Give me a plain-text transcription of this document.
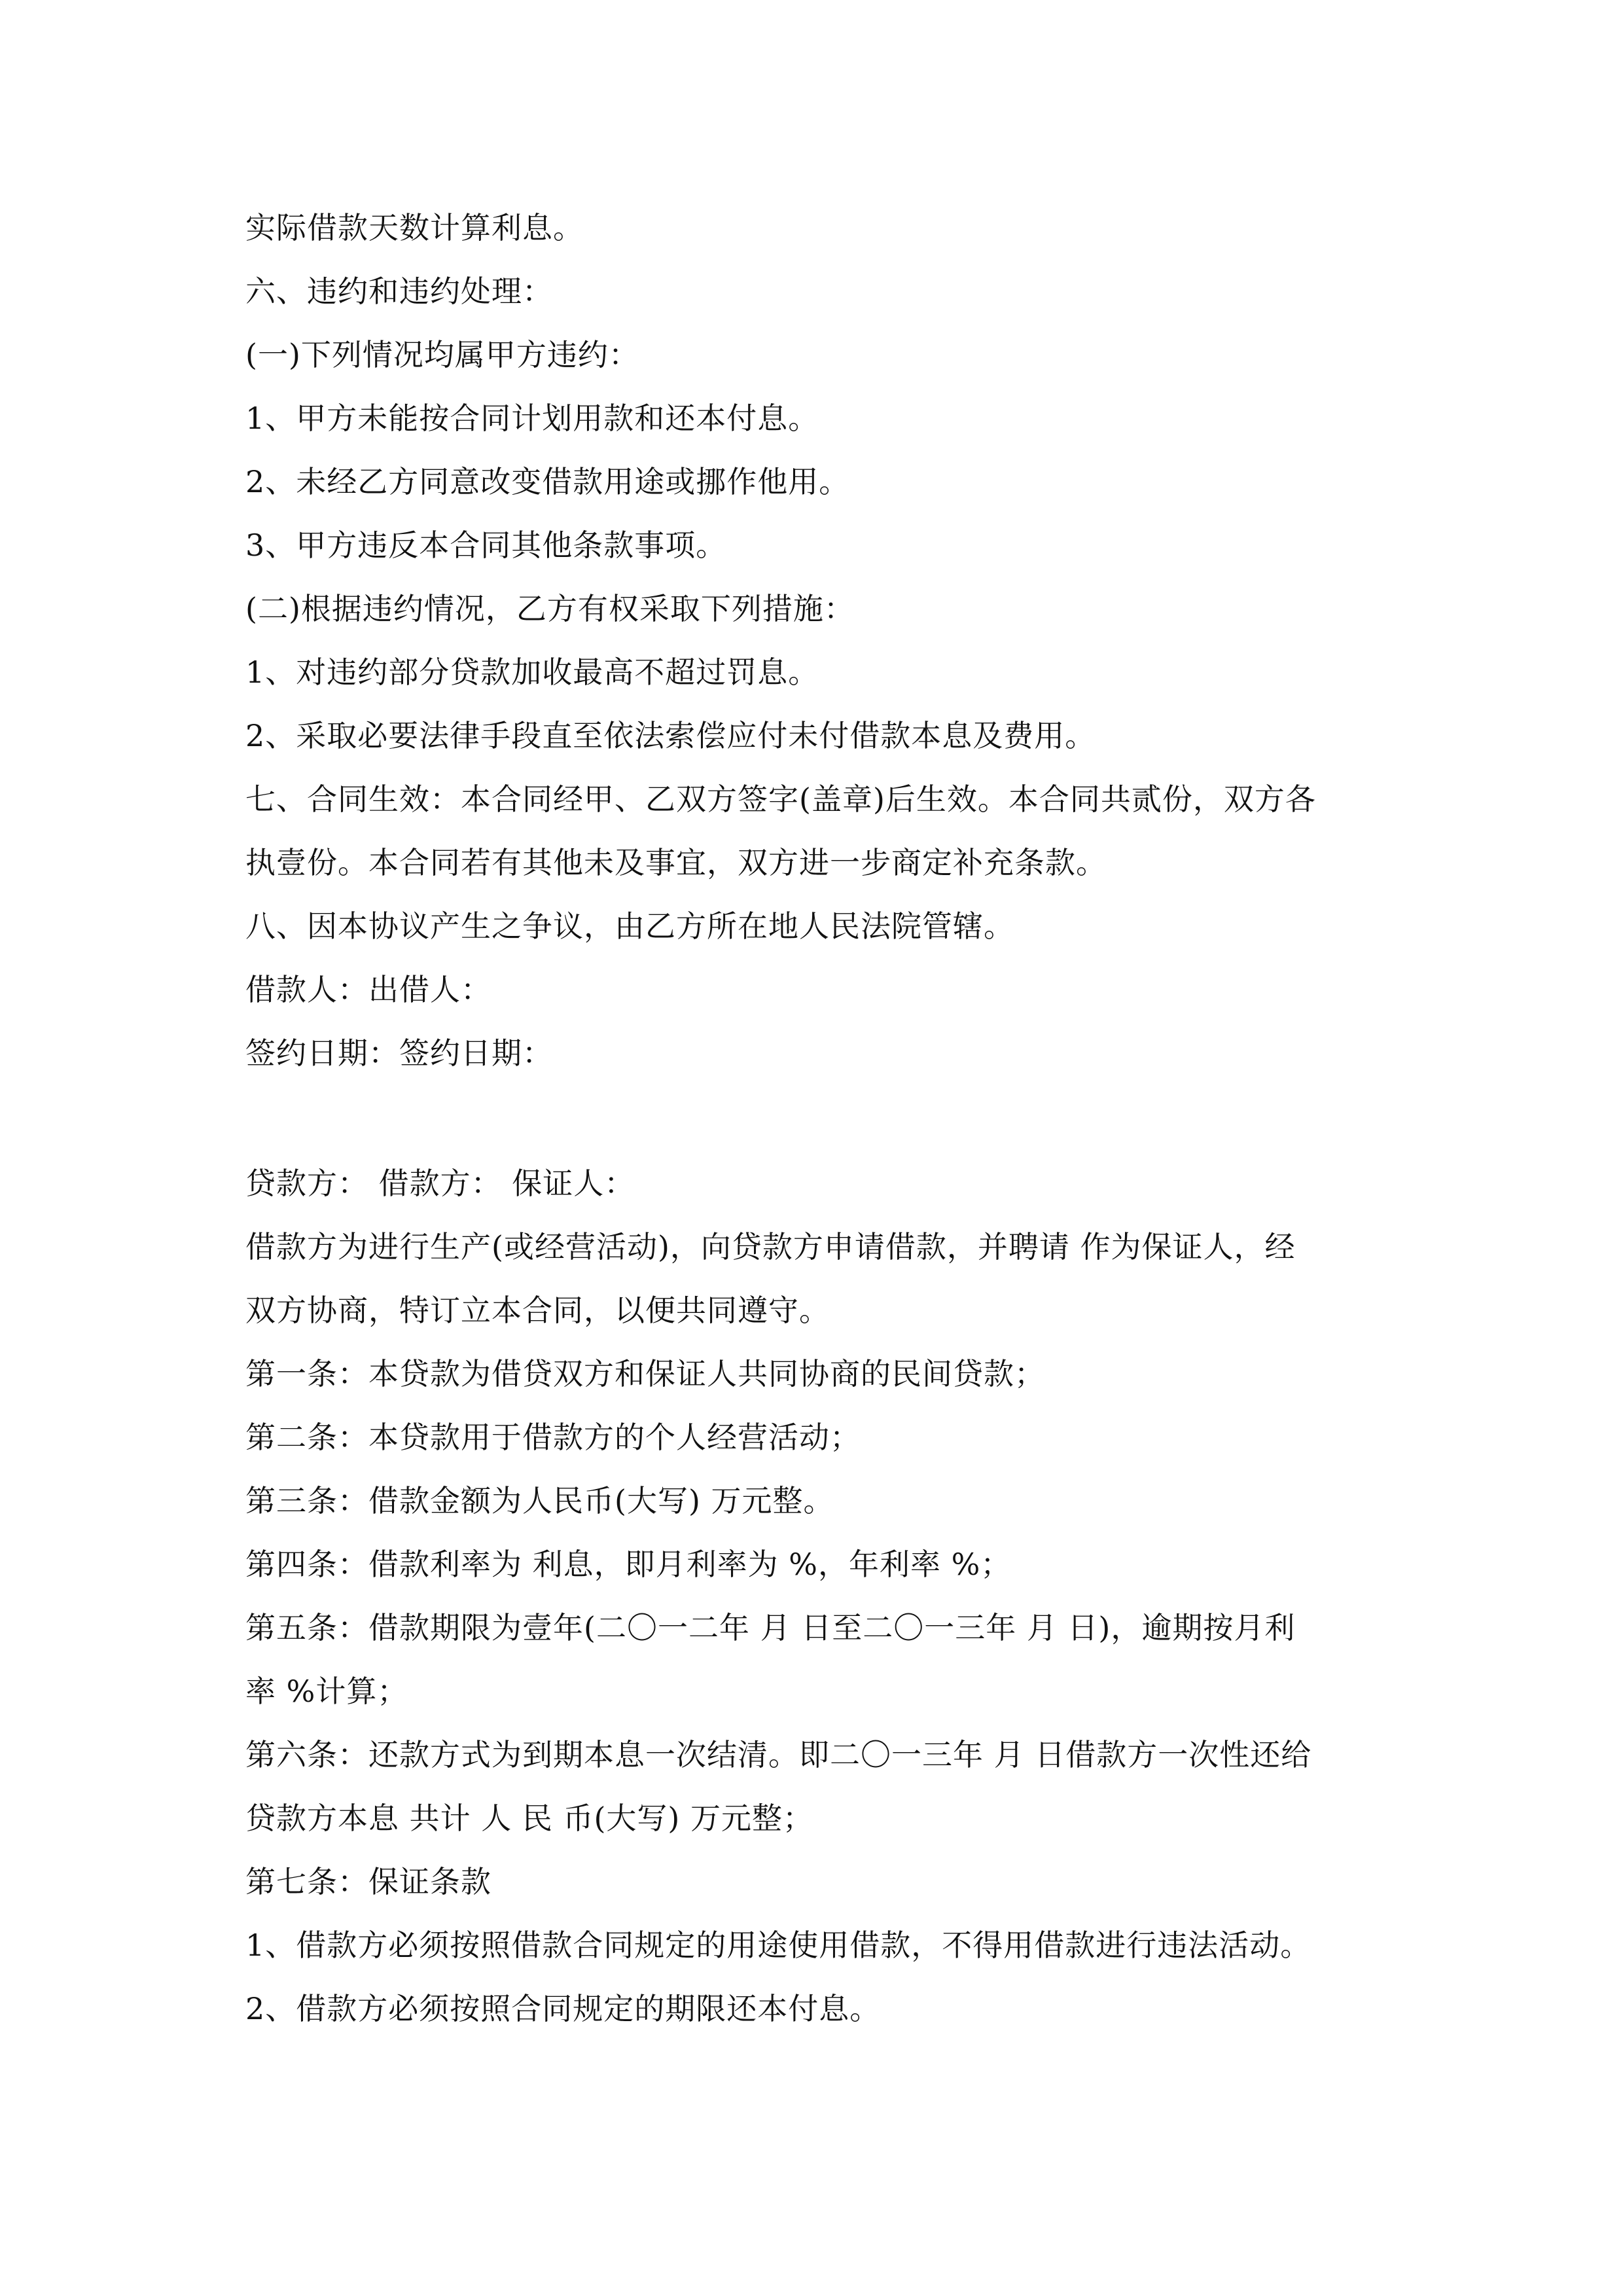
实际借款天数计算利息。
六、违约和违约处理：
(一)下列情况均属甲方违约：
1、甲方未能按合同计划用款和还本付息。
2、未经乙方同意改变借款用途或挪作他用。
3、甲方违反本合同其他条款事项。
(二)根据违约情况，乙方有权采取下列措施：
1、对违约部分贷款加收最高不超过罚息。
2、采取必要法律手段直至依法索偿应付未付借款本息及费用。
七、合同生效：本合同经甲、乙双方签字(盖章)后生效。本合同共贰份，双方各
执壹份。本合同若有其他未及事宜，双方进一步商定补充条款。
八、因本协议产生之争议，由乙方所在地人民法院管辖。
借款人：出借人：
签约日期：签约日期：
贷款方： 借款方： 保证人：
借款方为进行生产(或经营活动)，向贷款方申请借款，并聘请 作为保证人，经
双方协商，特订立本合同，以便共同遵守。
第一条：本贷款为借贷双方和保证人共同协商的民间贷款；
第二条：本贷款用于借款方的个人经营活动；
第三条：借款金额为人民币(大写) 万元整。
第四条：借款利率为 利息，即月利率为 %，年利率 %；
第五条：借款期限为壹年(二〇一二年 月 日至二〇一三年 月 日)，逾期按月利
率 %计算；
第六条：还款方式为到期本息一次结清。即二〇一三年 月 日借款方一次性还给
贷款方本息 共计 人 民 币(大写) 万元整；
第七条：保证条款
1、借款方必须按照借款合同规定的用途使用借款，不得用借款进行违法活动。
2、借款方必须按照合同规定的期限还本付息。
